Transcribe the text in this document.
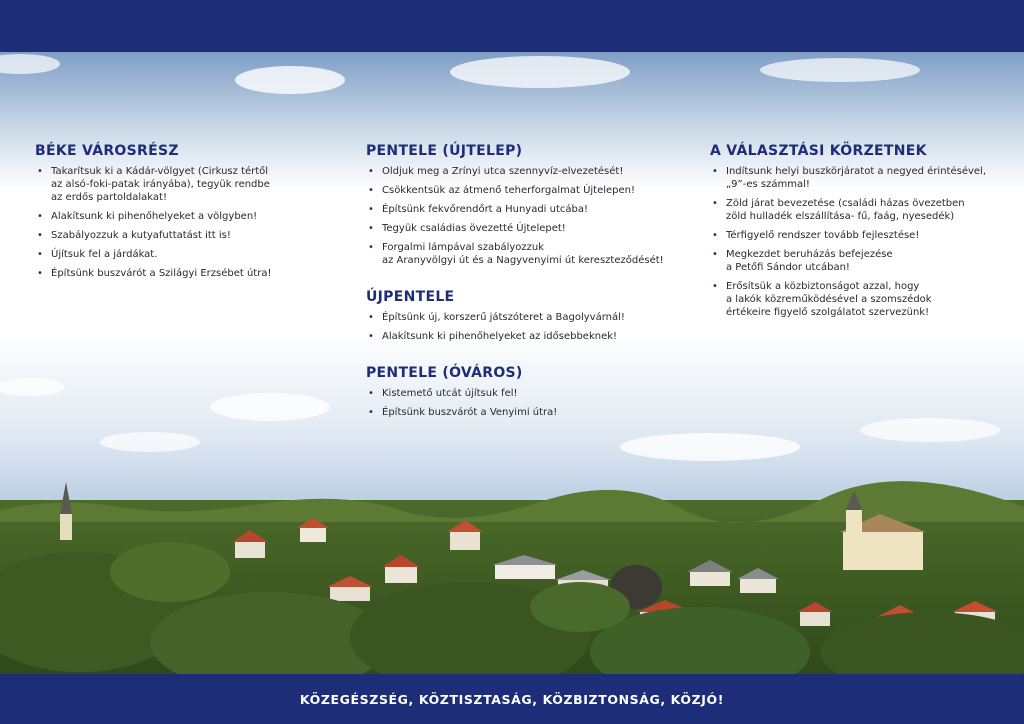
BÉKE VÁROSRÉSZ
• Takarítsuk ki a Kádár-völgyet (Cirkusz tértől
az alsó-foki-patak irányába), tegyük rendbe
az erdős partoldalakat!
• Alakítsunk ki pihenőhelyeket a völgyben!
• Szabályozzuk a kutyafuttatást itt is!
• Újítsuk fel a járdákat.
• Építsünk buszvárót a Szilágyi Erzsébet útra!
PENTELE (ÚJTELEP)
• Oldjuk meg a Zrínyi utca szennyvíz-elvezetését!
• Csökkentsük az átmenő teherforgalmat Újtelepen!
• Építsünk fekvőrendőrt a Hunyadi utcába!
• Tegyük családias övezetté Újtelepet!
• Forgalmi lámpával szabályozzuk
az Aranyvölgyi út és a Nagyvenyimi út kereszteződését!
ÚJPENTELE
• Építsünk új, korszerű játszóteret a Bagolyvárnál!
• Alakítsunk ki pihenőhelyeket az idősebbeknek!
PENTELE (ÓVÁROS)
• Kistemető utcát újítsuk fel!
• Építsünk buszvárót a Venyimi útra!
A VÁLASZTÁSI KÖRZETNEK
• Indítsunk helyi buszkörjáratot a negyed érintésével,
„9”-es számmal!
• Zöld járat bevezetése (családi házas övezetben
zöld hulladék elszállítása- fű, faág, nyesedék)
• Térfigyelő rendszer tovább fejlesztése!
• Megkezdet beruházás befejezése
a Petőfi Sándor utcában!
• Erősítsük a közbiztonságot azzal, hogy
a lakók közreműködésével a szomszédok
értékeire figyelő szolgálatot szervezünk!
KÖZEGÉSZSÉG, KÖZTISZTASÁG, KÖZBIZTONSÁG, KÖZJÓ!
